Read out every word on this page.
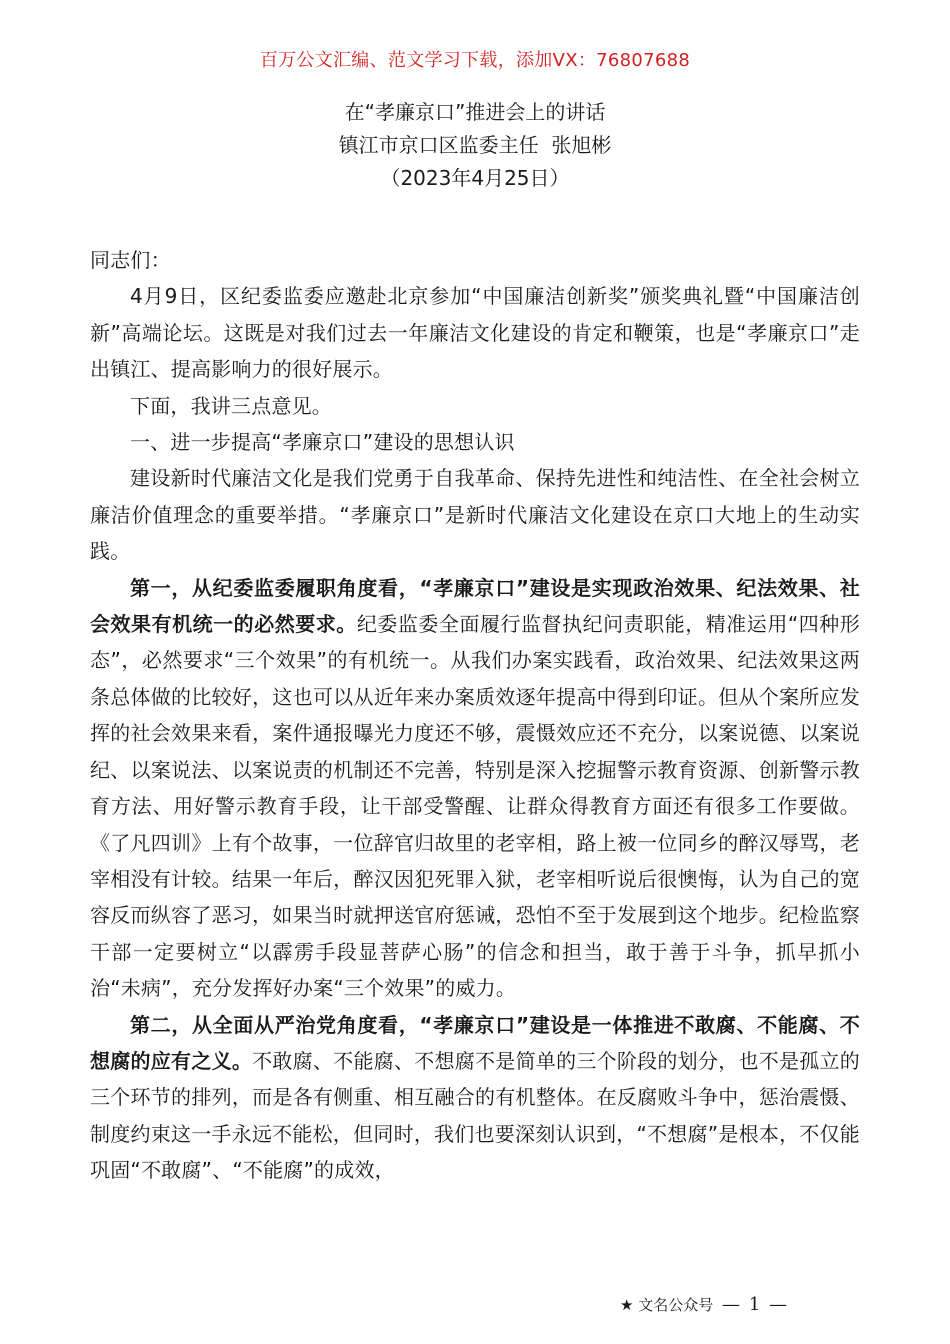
百万公文汇编、范文学习下载，添加VX：76807688
在“孝廉京口”推进会上的讲话
镇江市京口区监委主任  张旭彬
（2023年4月25日）

同志们：

4月9日，区纪委监委应邀赴北京参加“中国廉洁创新奖”颁奖典礼暨“中国廉洁创新”高端论坛。这既是对我们过去一年廉洁文化建设的肯定和鞭策，也是“孝廉京口”走出镇江、提高影响力的很好展示。

下面，我讲三点意见。

一、进一步提高“孝廉京口”建设的思想认识

建设新时代廉洁文化是我们党勇于自我革命、保持先进性和纯洁性、在全社会树立廉洁价值理念的重要举措。“孝廉京口”是新时代廉洁文化建设在京口大地上的生动实践。

第一，从纪委监委履职角度看，“孝廉京口”建设是实现政治效果、纪法效果、社会效果有机统一的必然要求。纪委监委全面履行监督执纪问责职能，精准运用“四种形态”，必然要求“三个效果”的有机统一。从我们办案实践看，政治效果、纪法效果这两条总体做的比较好，这也可以从近年来办案质效逐年提高中得到印证。但从个案所应发挥的社会效果来看，案件通报曝光力度还不够，震慑效应还不充分，以案说德、以案说纪、以案说法、以案说责的机制还不完善，特别是深入挖掘警示教育资源、创新警示教育方法、用好警示教育手段，让干部受警醒、让群众得教育方面还有很多工作要做。《了凡四训》上有个故事，一位辞官归故里的老宰相，路上被一位同乡的醉汉辱骂，老宰相没有计较。结果一年后，醉汉因犯死罪入狱，老宰相听说后很懊悔，认为自己的宽容反而纵容了恶习，如果当时就押送官府惩诫，恐怕不至于发展到这个地步。纪检监察干部一定要树立“以霹雳手段显菩萨心肠”的信念和担当，敢于善于斗争，抓早抓小治“未病”，充分发挥好办案“三个效果”的威力。

第二，从全面从严治党角度看，“孝廉京口”建设是一体推进不敢腐、不能腐、不想腐的应有之义。不敢腐、不能腐、不想腐不是简单的三个阶段的划分，也不是孤立的三个环节的排列，而是各有侧重、相互融合的有机整体。在反腐败斗争中，惩治震慑、制度约束这一手永远不能松，但同时，我们也要深刻认识到，“不想腐”是根本，不仅能巩固“不敢腐”、“不能腐”的成效，

★ 文名公众号 — 1 —
